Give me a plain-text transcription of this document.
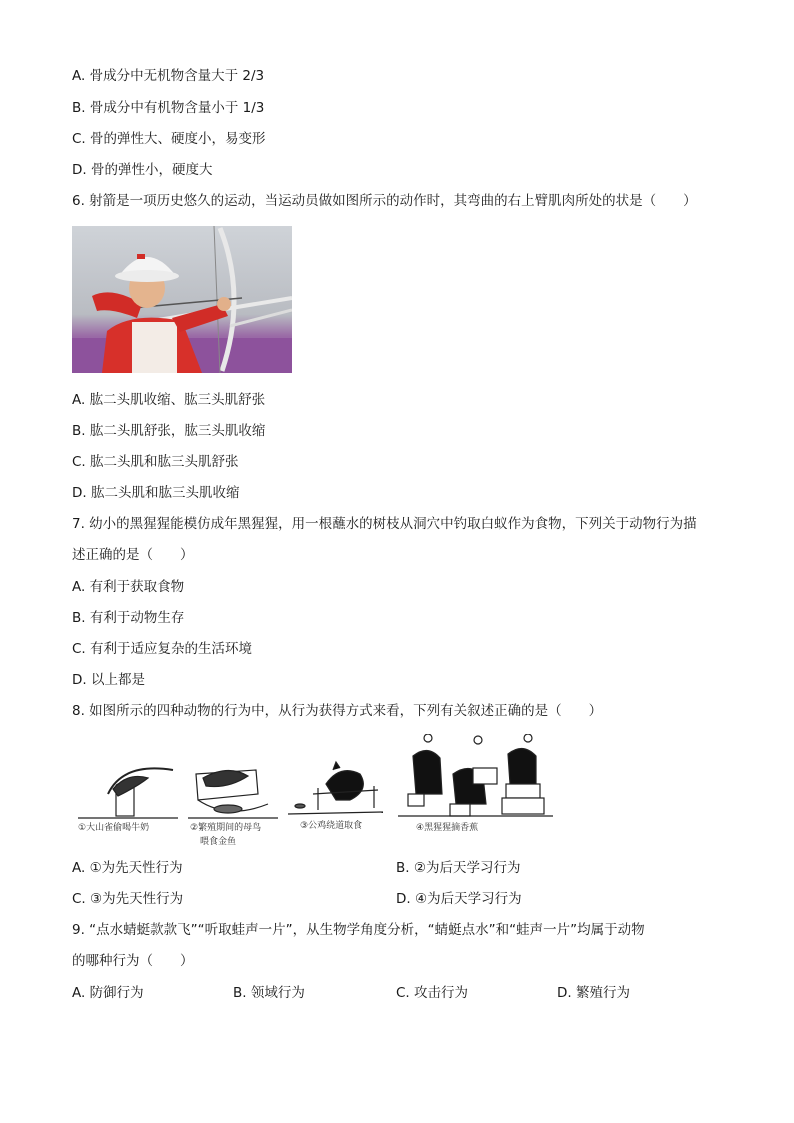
A. 骨成分中无机物含量大于 2/3
B. 骨成分中有机物含量小于 1/3
C. 骨的弹性大、硬度小，易变形
D. 骨的弹性小，硬度大
6. 射箭是一项历史悠久的运动，当运动员做如图所示的动作时，其弯曲的右上臂肌肉所处的状是（　　）
A. 肱二头肌收缩、肱三头肌舒张
B. 肱二头肌舒张，肱三头肌收缩
C. 肱二头肌和肱三头肌舒张
D. 肱二头肌和肱三头肌收缩
7. 幼小的黑猩猩能模仿成年黑猩猩，用一根蘸水的树枝从洞穴中钓取白蚁作为食物，下列关于动物行为描
述正确的是（　　）
A. 有利于获取食物
B. 有利于动物生存
C. 有利于适应复杂的生活环境
D. 以上都是
8. 如图所示的四种动物的行为中，从行为获得方式来看，下列有关叙述正确的是（　　）
①大山雀偷喝牛奶	②繁殖期间的母鸟
喂食金鱼
③公鸡绕道取食	④黑猩猩摘香蕉
A. ①为先天性行为	B. ②为后天学习行为
C. ③为先天性行为	D. ④为后天学习行为
9. “点水蜻蜓款款飞”“听取蛙声一片”，从生物学角度分析，“蜻蜓点水”和“蛙声一片”均属于动物
的哪种行为（　　）
A. 防御行为	B. 领域行为	C. 攻击行为	D. 繁殖行为
